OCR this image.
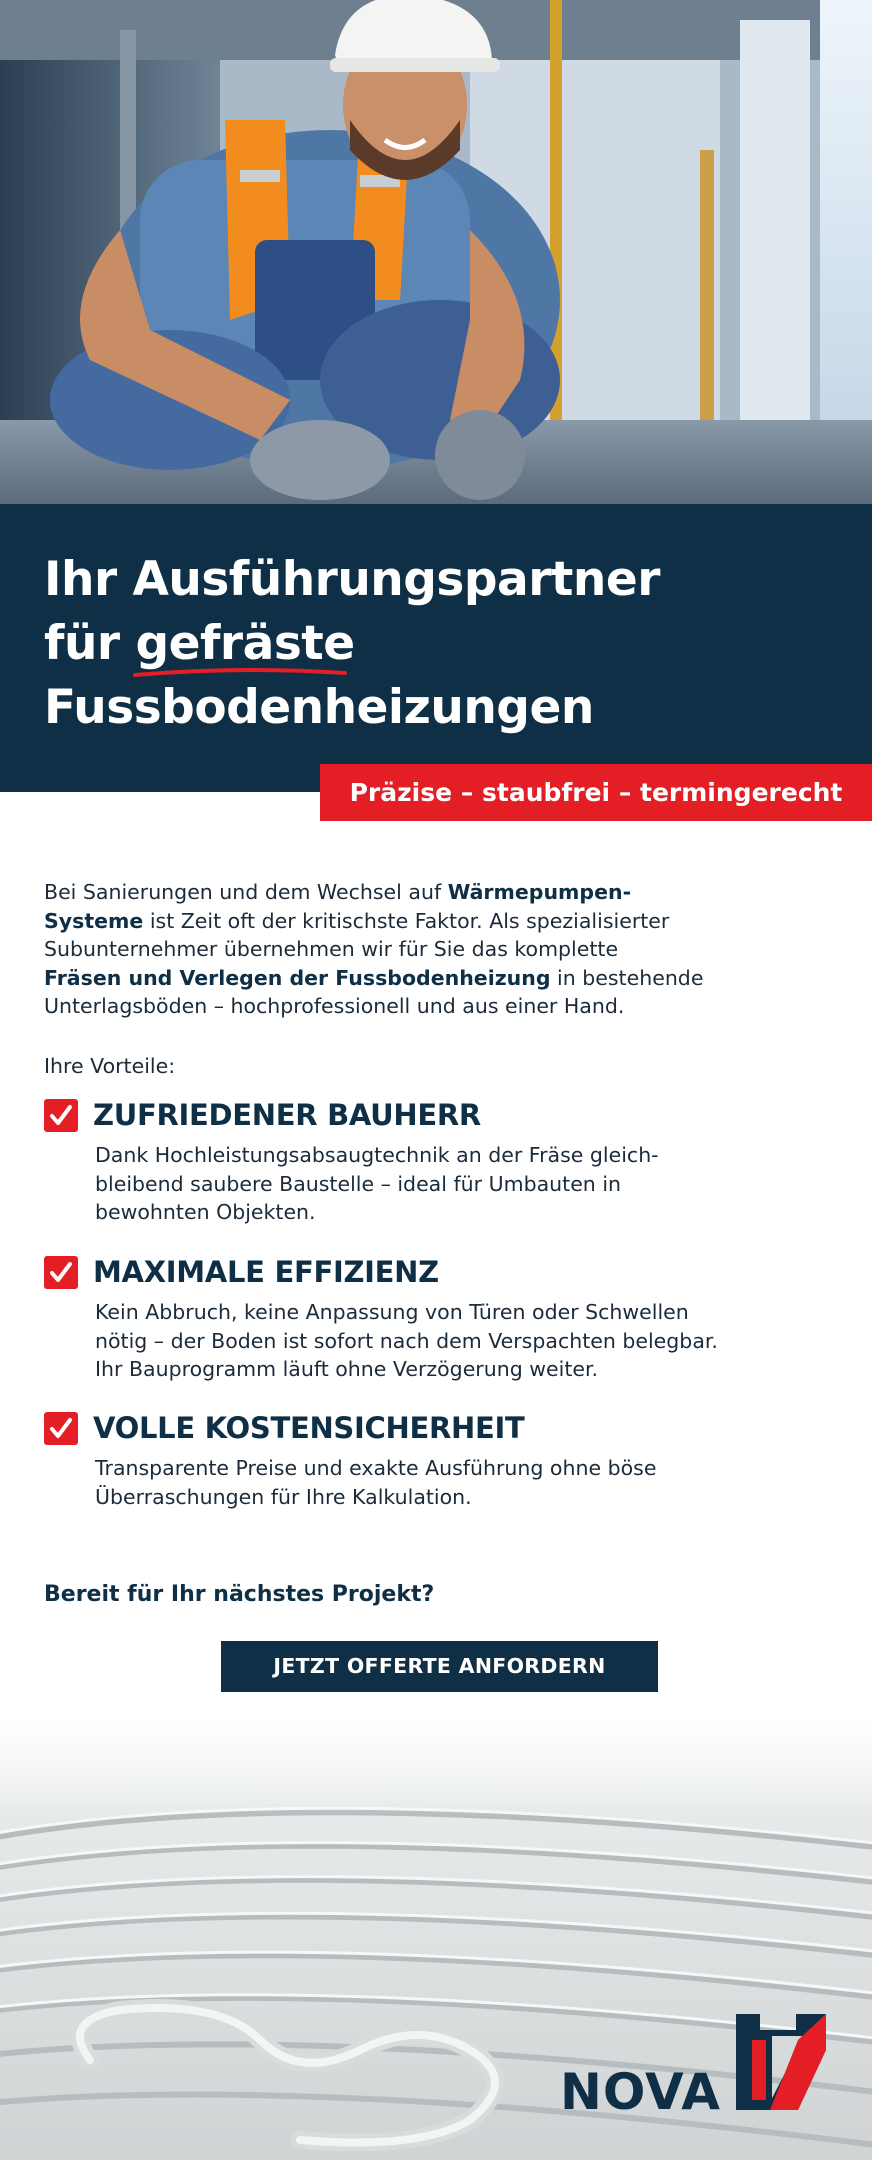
Ihr Ausführungspartner
für gefräste
Fussbodenheizungen
Präzise – staubfrei – termingerecht
Bei Sanierungen und dem Wechsel auf Wärmepumpen-
Systeme ist Zeit oft der kritischste Faktor. Als spezialisierter
Subunternehmer übernehmen wir für Sie das komplette
Fräsen und Verlegen der Fussbodenheizung in bestehende
Unterlagsböden – hochprofessionell und aus einer Hand.
Ihre Vorteile:
ZUFRIEDENER BAUHERR
Dank Hochleistungsabsaugtechnik an der Fräse gleich-
bleibend saubere Baustelle – ideal für Umbauten in
bewohnten Objekten.
MAXIMALE EFFIZIENZ
Kein Abbruch, keine Anpassung von Türen oder Schwellen
nötig – der Boden ist sofort nach dem Verspachten belegbar.
Ihr Bauprogramm läuft ohne Verzögerung weiter.
VOLLE KOSTENSICHERHEIT
Transparente Preise und exakte Ausführung ohne böse
Überraschungen für Ihre Kalkulation.
Bereit für Ihr nächstes Projekt?
JETZT OFFERTE ANFORDERN
NOVA
